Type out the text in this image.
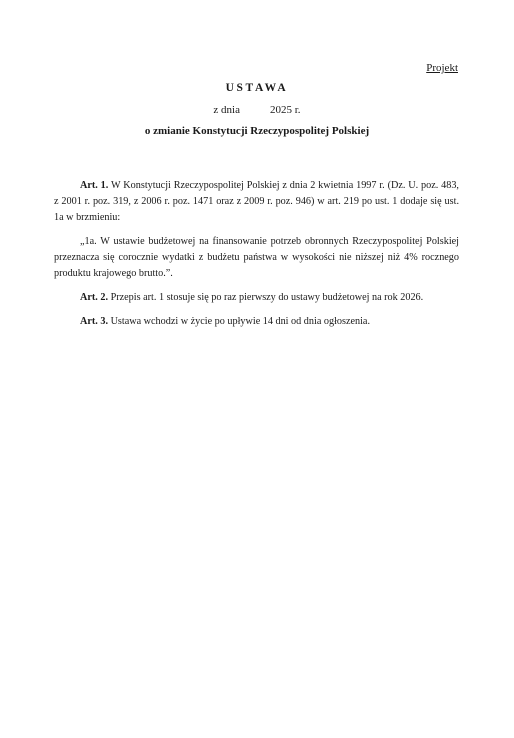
Projekt
USTAWA
z dnia	2025 r.
o zmianie Konstytucji Rzeczypospolitej Polskiej

Art. 1. W Konstytucji Rzeczypospolitej Polskiej z dnia 2 kwietnia 1997 r. (Dz. U. poz. 483, z 2001 r. poz. 319, z 2006 r. poz. 1471 oraz z 2009 r. poz. 946) w art. 219 po ust. 1 dodaje się ust. 1a w brzmieniu:

„1a. W ustawie budżetowej na finansowanie potrzeb obronnych Rzeczypospolitej Polskiej przeznacza się corocznie wydatki z budżetu państwa w wysokości nie niższej niż 4% rocznego produktu krajowego brutto.”.

Art. 2. Przepis art. 1 stosuje się po raz pierwszy do ustawy budżetowej na rok 2026.

Art. 3. Ustawa wchodzi w życie po upływie 14 dni od dnia ogłoszenia.
